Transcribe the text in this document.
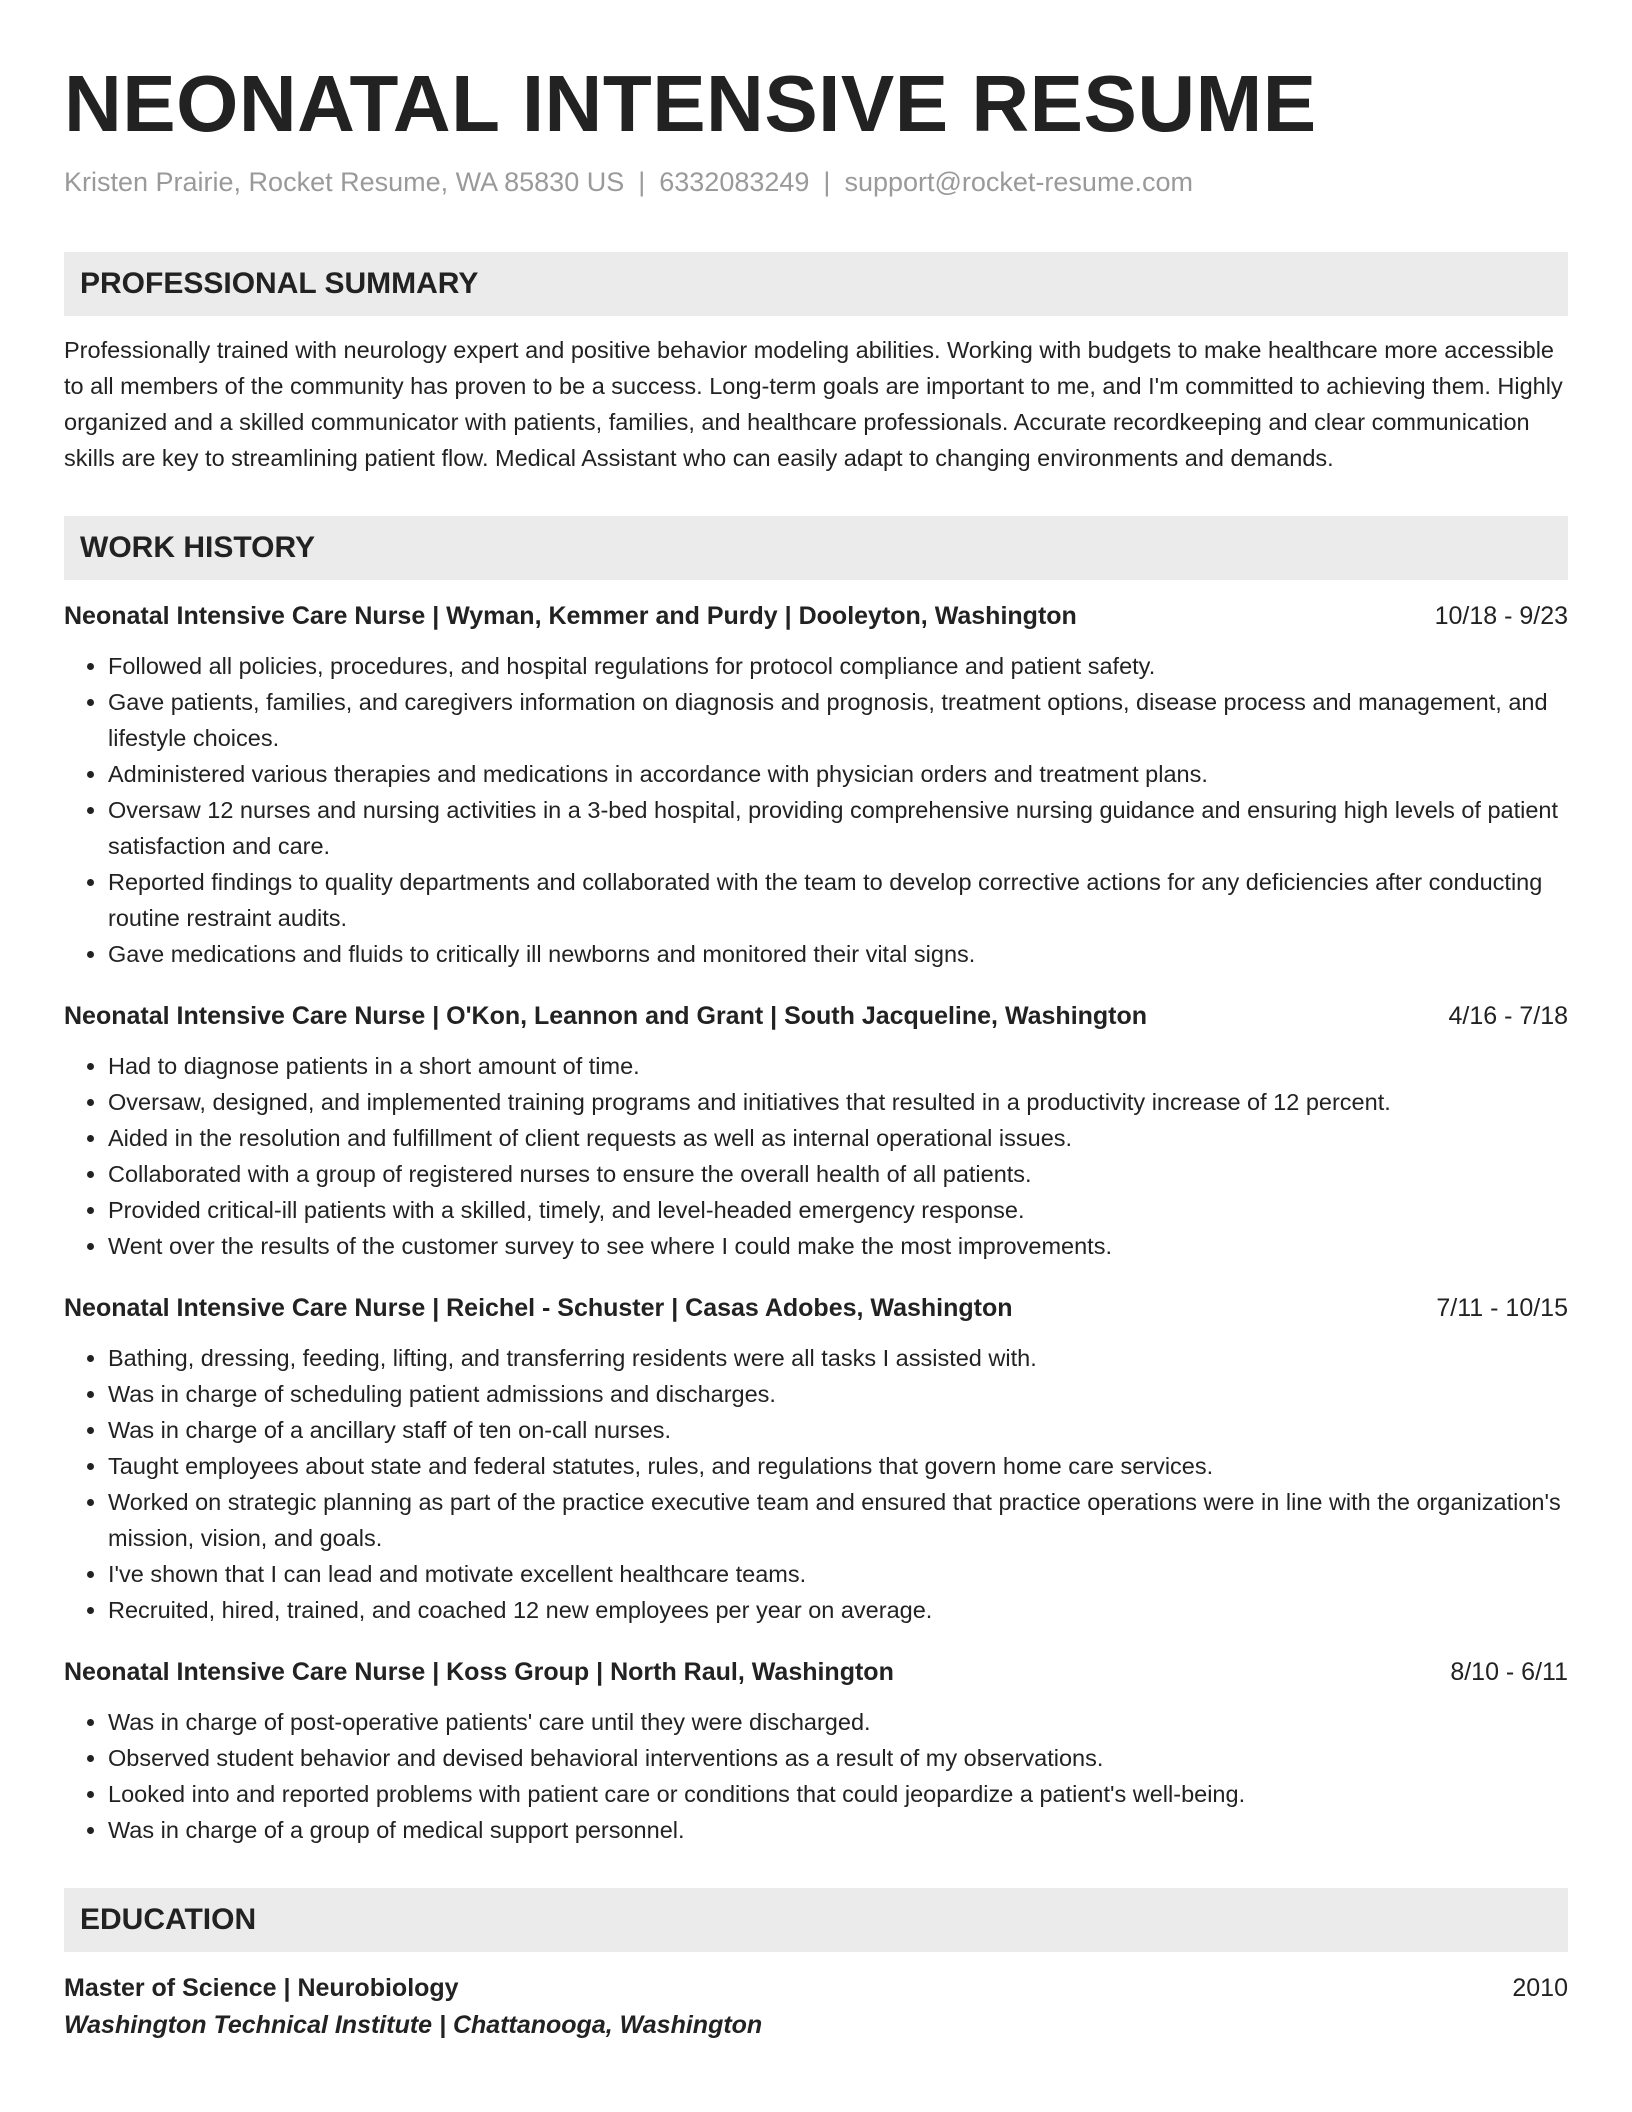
NEONATAL INTENSIVE RESUME
Kristen Prairie, Rocket Resume, WA 85830 US | 6332083249 | support@rocket-resume.com
PROFESSIONAL SUMMARY
Professionally trained with neurology expert and positive behavior modeling abilities. Working with budgets to make healthcare more accessible to all members of the community has proven to be a success. Long-term goals are important to me, and I'm committed to achieving them. Highly organized and a skilled communicator with patients, families, and healthcare professionals. Accurate recordkeeping and clear communication skills are key to streamlining patient flow. Medical Assistant who can easily adapt to changing environments and demands.
WORK HISTORY
Neonatal Intensive Care Nurse | Wyman, Kemmer and Purdy | Dooleyton, Washington	10/18 - 9/23
• Followed all policies, procedures, and hospital regulations for protocol compliance and patient safety.
• Gave patients, families, and caregivers information on diagnosis and prognosis, treatment options, disease process and management, and lifestyle choices.
• Administered various therapies and medications in accordance with physician orders and treatment plans.
• Oversaw 12 nurses and nursing activities in a 3-bed hospital, providing comprehensive nursing guidance and ensuring high levels of patient satisfaction and care.
• Reported findings to quality departments and collaborated with the team to develop corrective actions for any deficiencies after conducting routine restraint audits.
• Gave medications and fluids to critically ill newborns and monitored their vital signs.
Neonatal Intensive Care Nurse | O'Kon, Leannon and Grant | South Jacqueline, Washington	4/16 - 7/18
• Had to diagnose patients in a short amount of time.
• Oversaw, designed, and implemented training programs and initiatives that resulted in a productivity increase of 12 percent.
• Aided in the resolution and fulfillment of client requests as well as internal operational issues.
• Collaborated with a group of registered nurses to ensure the overall health of all patients.
• Provided critical-ill patients with a skilled, timely, and level-headed emergency response.
• Went over the results of the customer survey to see where I could make the most improvements.
Neonatal Intensive Care Nurse | Reichel - Schuster | Casas Adobes, Washington	7/11 - 10/15
• Bathing, dressing, feeding, lifting, and transferring residents were all tasks I assisted with.
• Was in charge of scheduling patient admissions and discharges.
• Was in charge of a ancillary staff of ten on-call nurses.
• Taught employees about state and federal statutes, rules, and regulations that govern home care services.
• Worked on strategic planning as part of the practice executive team and ensured that practice operations were in line with the organization's mission, vision, and goals.
• I've shown that I can lead and motivate excellent healthcare teams.
• Recruited, hired, trained, and coached 12 new employees per year on average.
Neonatal Intensive Care Nurse | Koss Group | North Raul, Washington	8/10 - 6/11
• Was in charge of post-operative patients' care until they were discharged.
• Observed student behavior and devised behavioral interventions as a result of my observations.
• Looked into and reported problems with patient care or conditions that could jeopardize a patient's well-being.
• Was in charge of a group of medical support personnel.
EDUCATION
Master of Science | Neurobiology	2010
Washington Technical Institute | Chattanooga, Washington
